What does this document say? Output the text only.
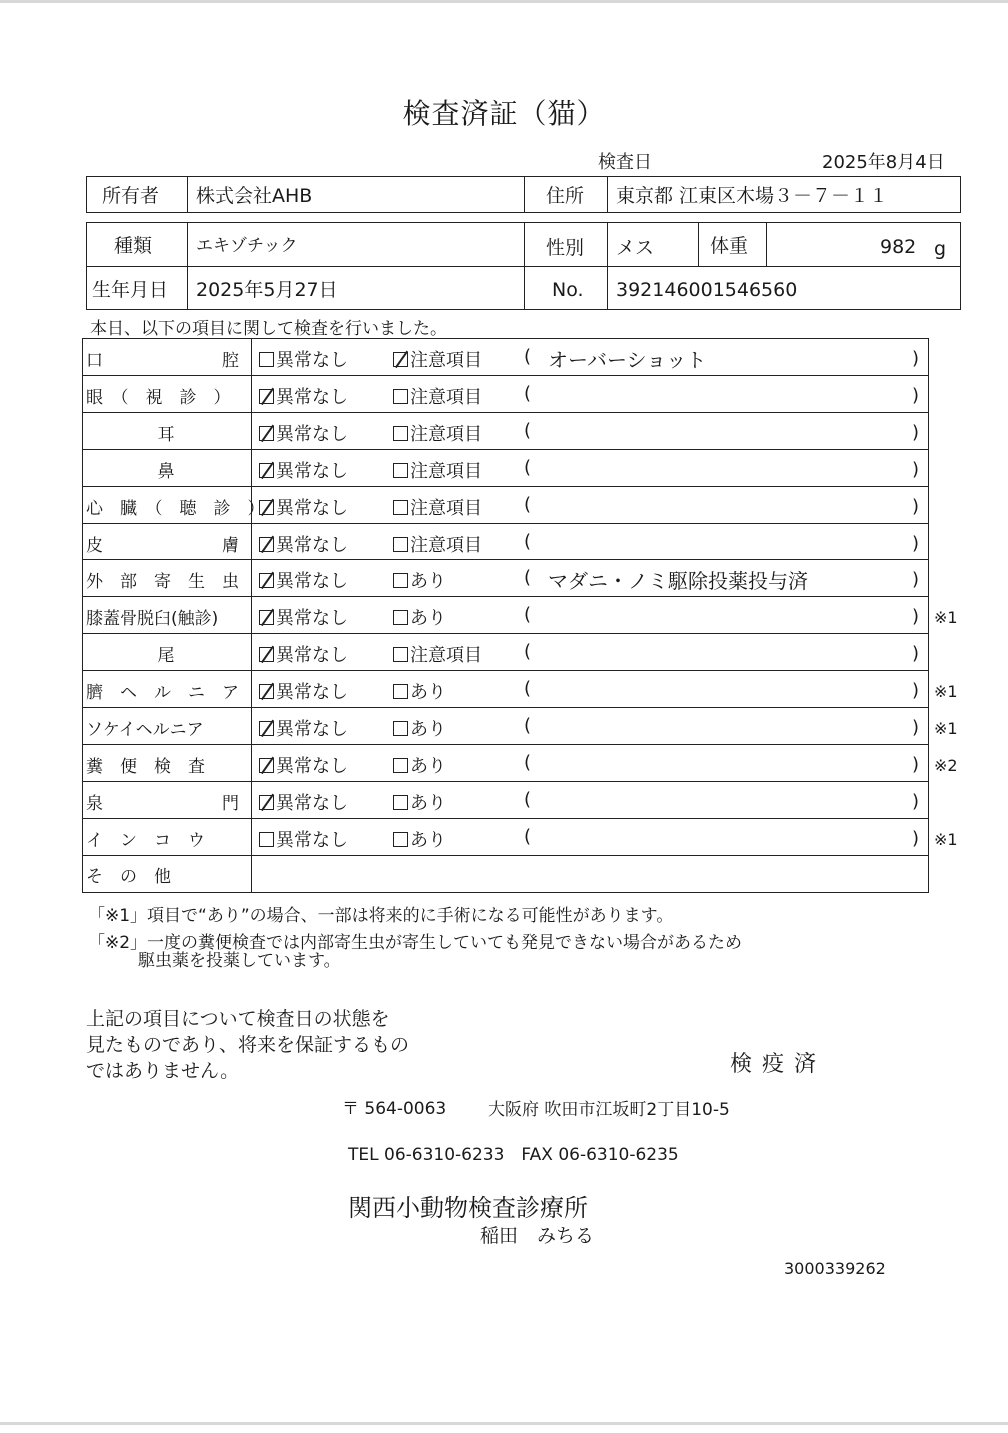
検査済証（猫）
検査日	2025年8月4日
所有者 株式会社AHB	住所 東京都 江東区木場３－７－１１
種類	エキゾチック	性別 メス	体重	982 g
生年月日 2025年5月27日	No. 392146001546560
本日、以下の項目に関して検査を行いました。
口　　　　　　　腔	異常なし	注意項目 ( オーバーショット	)
眼　（　視　診　）	異常なし	注意項目 (	)
耳	異常なし	注意項目 (	)
鼻	異常なし	注意項目 (	)
心　臓　（　聴　診　） 異常なし	注意項目 (	)
皮　　　　　　　膚	異常なし	注意項目 (	)
外　部　寄　生　虫	異常なし	あり	( マダニ・ノミ駆除投薬投与済	)
膝蓋骨脱臼(触診)	異常なし	あり	(	) ※1
尾	異常なし	注意項目 (	)
臍　ヘ　ル　ニ　ア	異常なし	あり	(	) ※1
ソケイヘルニア	異常なし	あり	(	) ※1
糞　便　検　査	異常なし	あり	(	) ※2
泉　　　　　　　門	異常なし	あり	(	)
イ　ン　コ　ウ	異常なし	あり	(	) ※1
そ　の　他
「※1」項目で“あり”の場合、一部は将来的に手術になる可能性があります。
「※2」一度の糞便検査では内部寄生虫が寄生していても発見できない場合があるため
駆虫薬を投薬しています。
上記の項目について検査日の状態を
見たものであり、将来を保証するもの
ではありません。	検疫済
〒 564-0063 大阪府 吹田市江坂町2丁目10-5
TEL 06-6310-6233　FAX 06-6310-6235
関西小動物検査診療所
稲田　みちる
3000339262
